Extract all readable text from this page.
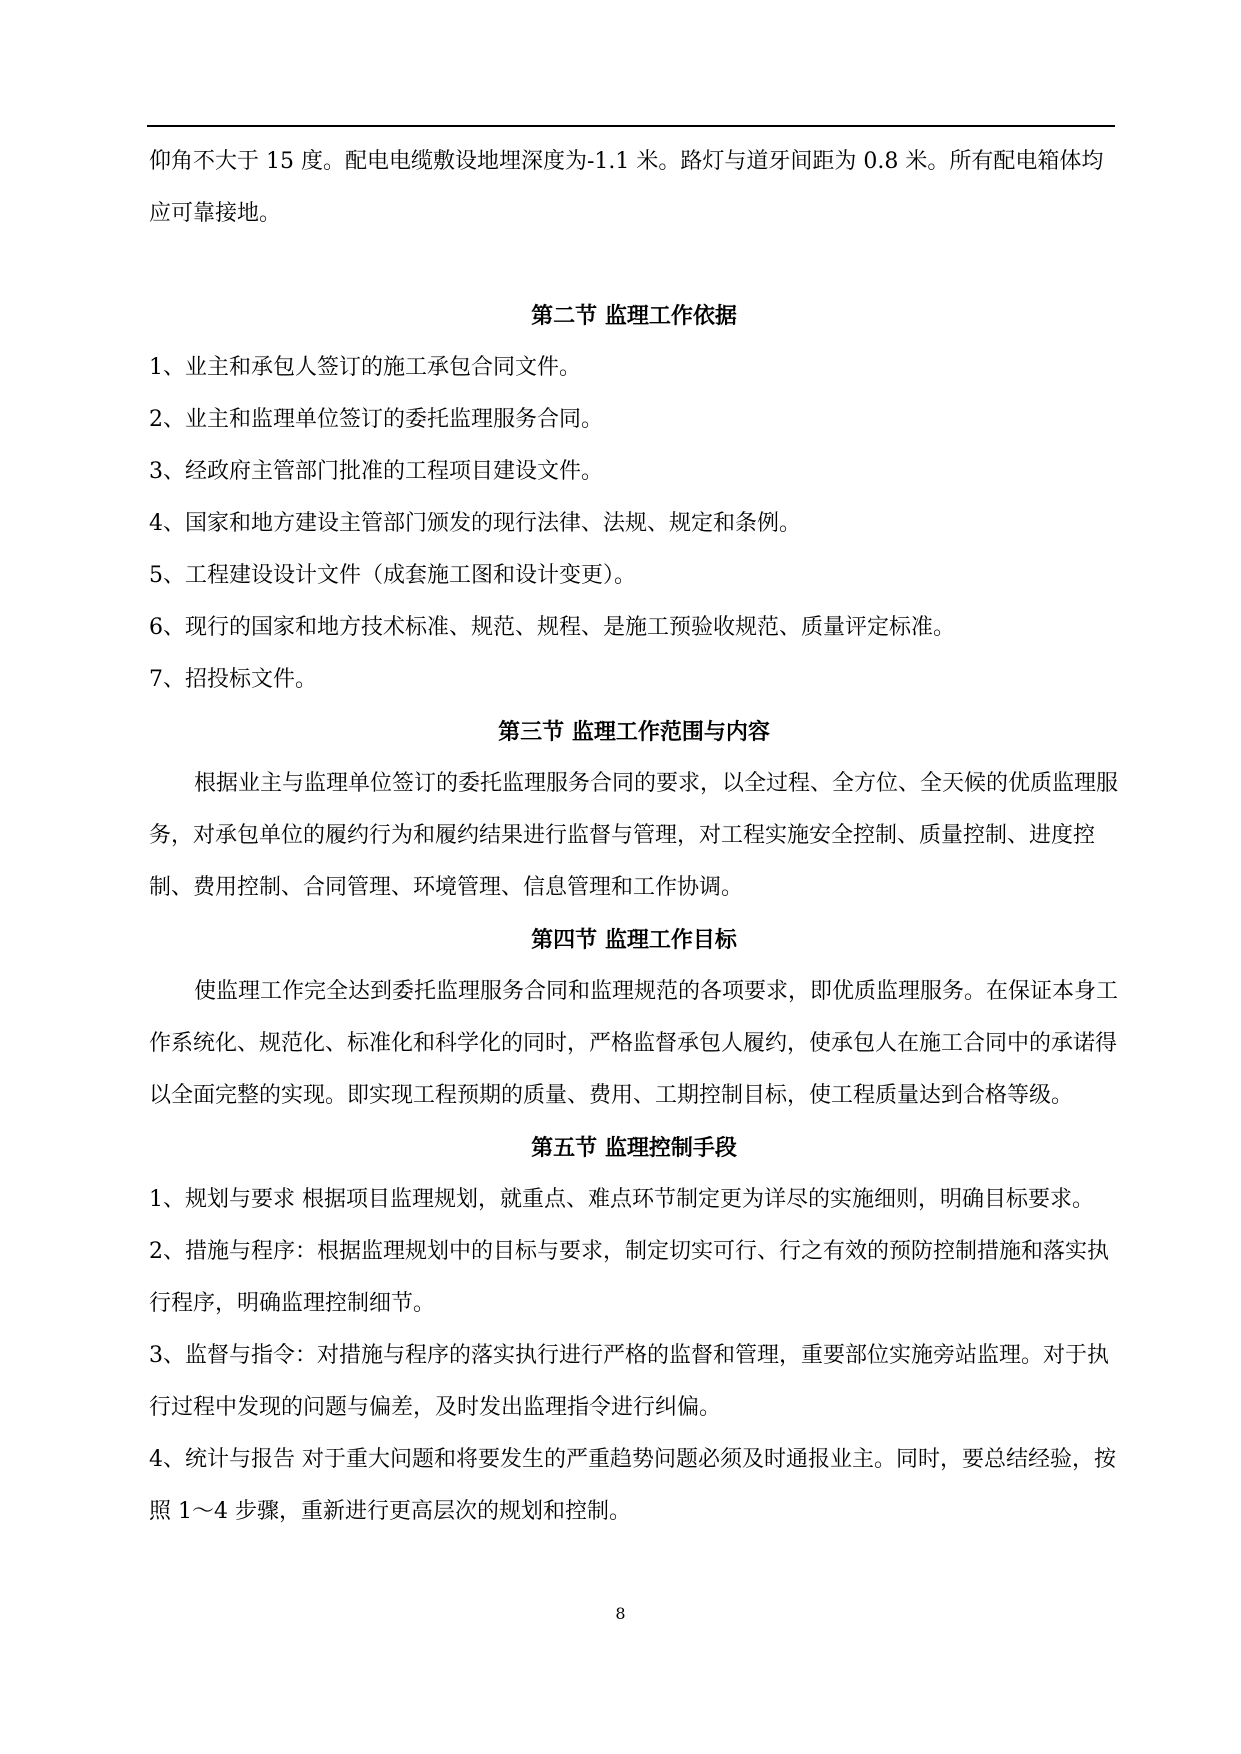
仰角不大于 15 度。配电电缆敷设地埋深度为-1.1 米。路灯与道牙间距为 0.8 米。所有配电箱体均应可靠接地。

第二节 监理工作依据

1、业主和承包人签订的施工承包合同文件。

2、业主和监理单位签订的委托监理服务合同。

3、经政府主管部门批准的工程项目建设文件。

4、国家和地方建设主管部门颁发的现行法律、法规、规定和条例。

5、工程建设设计文件（成套施工图和设计变更）。

6、现行的国家和地方技术标准、规范、规程、是施工预验收规范、质量评定标准。

7、招投标文件。

第三节 监理工作范围与内容

根据业主与监理单位签订的委托监理服务合同的要求，以全过程、全方位、全天候的优质监理服务，对承包单位的履约行为和履约结果进行监督与管理，对工程实施安全控制、质量控制、进度控制、费用控制、合同管理、环境管理、信息管理和工作协调。

第四节 监理工作目标

使监理工作完全达到委托监理服务合同和监理规范的各项要求，即优质监理服务。在保证本身工作系统化、规范化、标准化和科学化的同时，严格监督承包人履约，使承包人在施工合同中的承诺得以全面完整的实现。即实现工程预期的质量、费用、工期控制目标，使工程质量达到合格等级。

第五节 监理控制手段

1、规划与要求 根据项目监理规划，就重点、难点环节制定更为详尽的实施细则，明确目标要求。

2、措施与程序：根据监理规划中的目标与要求，制定切实可行、行之有效的预防控制措施和落实执行程序，明确监理控制细节。

3、监督与指令：对措施与程序的落实执行进行严格的监督和管理，重要部位实施旁站监理。对于执行过程中发现的问题与偏差，及时发出监理指令进行纠偏。

4、统计与报告 对于重大问题和将要发生的严重趋势问题必须及时通报业主。同时，要总结经验，按照 1～4 步骤，重新进行更高层次的规划和控制。

8
